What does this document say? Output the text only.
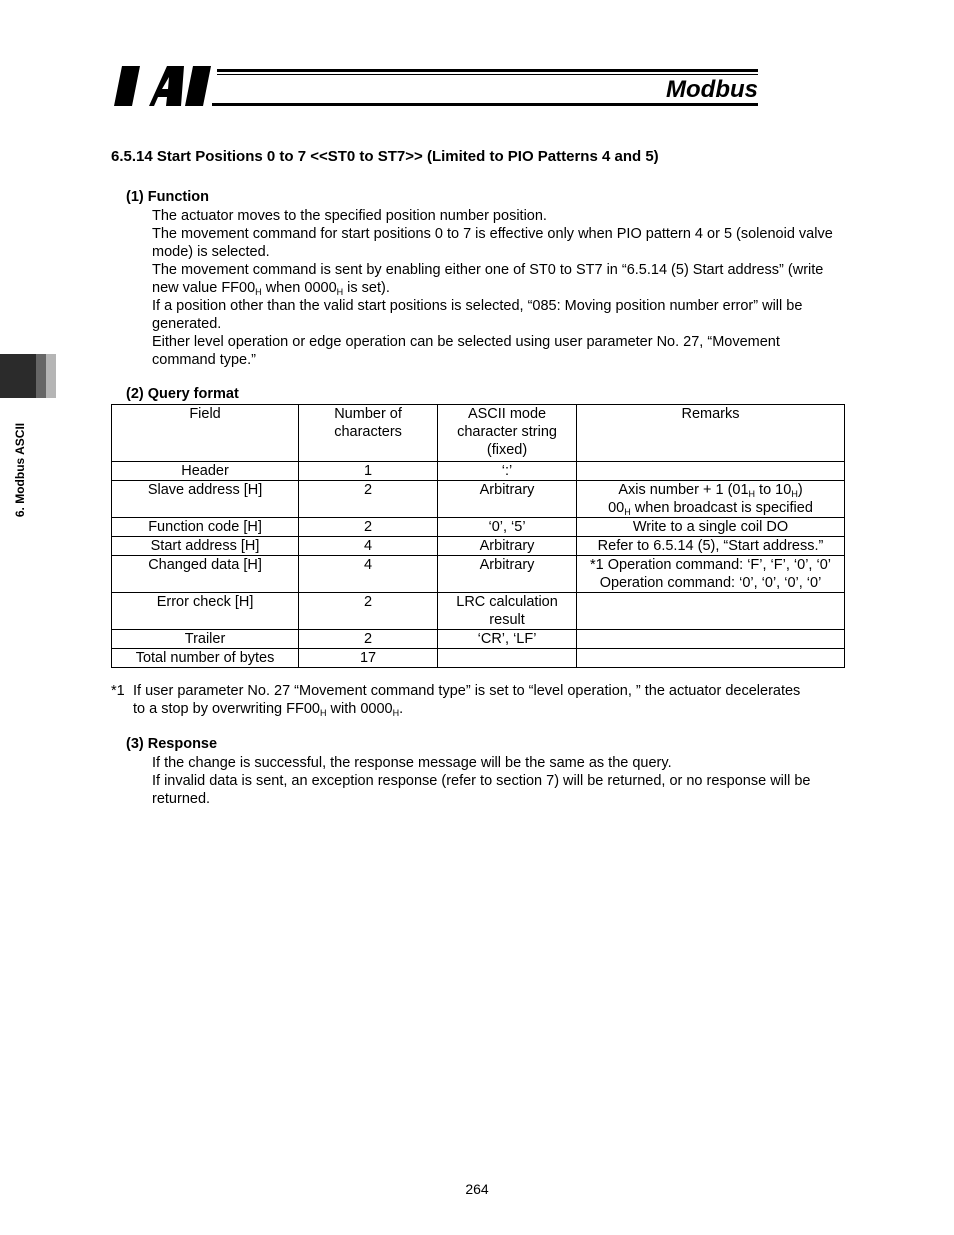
Modbus
6. Modbus ASCII
6.5.14 Start Positions 0 to 7 <<ST0 to ST7>> (Limited to PIO Patterns 4 and 5)
(1) Function

The actuator moves to the specified position number position.

The movement command for start positions 0 to 7 is effective only when PIO pattern 4 or 5 (solenoid valve mode) is selected.

The movement command is sent by enabling either one of ST0 to ST7 in “6.5.14 (5) Start address” (write new value $FF00_H$ when $0000_H$ is set).

If a position other than the valid start positions is selected, “085: Moving position number error” will be generated.

Either level operation or edge operation can be selected using user parameter No. 27, “Movement command type.”

(2) Query format
Field	Number of characters	ASCII mode character string (fixed)	Remarks
Header	1	‘:’	
Slave address [H]	2	Arbitrary	Axis number + 1 ($01_H$ to $10_H$)
$00_H$ when broadcast is specified
Function code [H]	2	‘0’, ‘5’	Write to a single coil DO
Start address [H]	4	Arbitrary	Refer to 6.5.14 (5), “Start address.”
Changed data [H]	4	Arbitrary	*1 Operation command: ‘F’, ‘F’, ‘0’, ‘0’
Operation command: ‘0’, ‘0’, ‘0’, ‘0’
Error check [H]	2	LRC calculation result	
Trailer	2	‘CR’, ‘LF’	
Total number of bytes	17		
*1 If user parameter No. 27 “Movement command type” is set to “level operation, ” the actuator decelerates to a stop by overwriting $FF00_H$ with $0000_H$.
(3) Response

If the change is successful, the response message will be the same as the query.

If invalid data is sent, an exception response (refer to section 7) will be returned, or no response will be returned.

264
